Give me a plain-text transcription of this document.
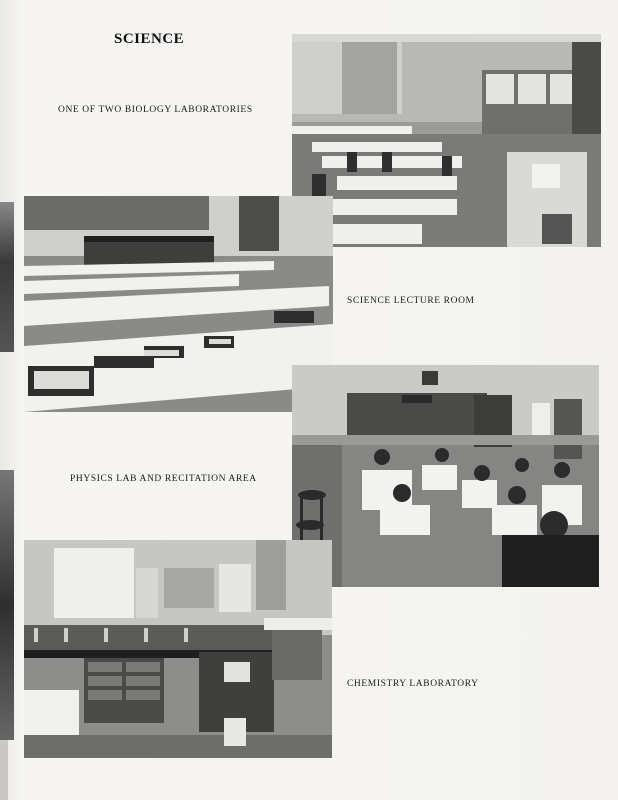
SCIENCE
ONE OF TWO BIOLOGY LABORATORIES
SCIENCE LECTURE ROOM
PHYSICS LAB AND RECITATION AREA
CHEMISTRY LABORATORY
